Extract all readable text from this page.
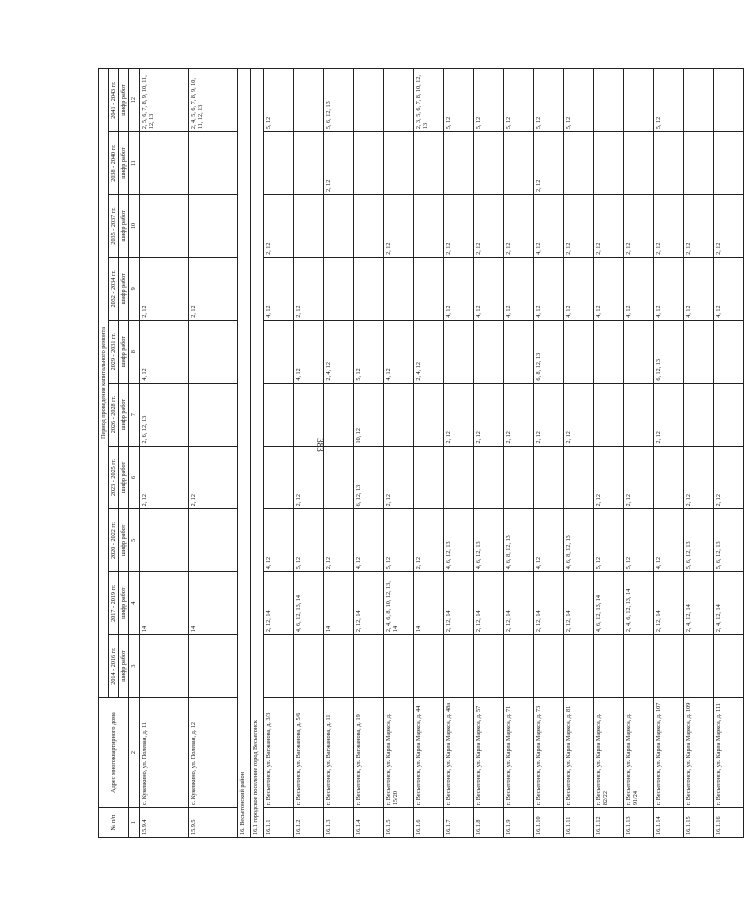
383
№ п/п	Адрес многоквартирного дома	Период проведения капитального ремонта									
		2014 - 2016 гг.	2017 - 2019 гг.	2020 - 2022 гг.	2023 - 2025 гг.	2026 - 2028 гг.	2029 - 2031 гг.	2032 - 2034 гг.	2035 - 2037 гг.	2038 - 2040 гг.	2041 - 2043 гг.
		шифр работ	шифр работ	шифр работ	шифр работ	шифр работ	шифр работ	шифр работ	шифр работ	шифр работ	шифр работ
1	2	3	4	5	6	7	8	9	10	11	12
15.9.4	с. Кукевкино, ул. Полевая, д. 11		14		2, 12	2, 6, 12, 13	4, 12	2, 12			2, 5, 6, 7, 8, 9, 10, 11, 12, 13
15.9.5	с. Кукевкино, ул. Полевая, д. 12		14		2, 12			2, 12			2, 4, 5, 6, 7, 8, 9, 10, 11, 12, 13
16. Весьегонский район											
16.1 городское поселение город Весьегонск											
16.1.1	г. Весьегонск, ул. Вагжанова, д. 3/3		2, 12, 14	4, 12				4, 12	2, 12		5, 12
16.1.2	г. Весьегонск, ул. Вагжанова, д. 5/6		4, 6, 12, 13, 14	5, 12	2, 12		4, 12	2, 12			
16.1.3	г. Весьегонск, ул. Вагжанова, д. 11		14	2, 12			2, 4, 12			2, 12	5, 6, 12, 13
16.1.4	г. Весьегонск, ул. Вагжанова, д. 19		2, 12, 14	4, 12	6, 12, 13	10, 12	5, 12				
16.1.5	г. Весьегонск, ул. Карла Маркса, д. 15/20		2, 4, 6, 8, 10, 12, 13, 14	5, 12	2, 12		4, 12		2, 12		
16.1.6	г. Весьегонск, ул. Карла Маркса, д. 44		14	2, 12			2, 4, 12				2, 3, 5, 6, 7, 8, 10, 12, 13
16.1.7	г. Весьегонск, ул. Карла Маркса, д. 48а		2, 12, 14	4, 6, 12, 13		2, 12		4, 12	2, 12		5, 12
16.1.8	г. Весьегонск, ул. Карла Маркса, д. 57		2, 12, 14	4, 6, 12, 13		2, 12		4, 12	2, 12		5, 12
16.1.9	г. Весьегонск, ул. Карла Маркса, д. 71		2, 12, 14	4, 6, 8, 12, 13		2, 12		4, 12	2, 12		5, 12
16.1.10	г. Весьегонск, ул. Карла Маркса, д. 73		2, 12, 14	4, 12		2, 12	6, 8, 12, 13	4, 12	4, 12	2, 12	5, 12
16.1.11	г. Весьегонск, ул. Карла Маркса, д. 81		2, 12, 14	4, 6, 8, 12, 13		2, 12		4, 12	2, 12		5, 12
16.1.12	г. Весьегонск, ул. Карла Маркса, д. 82/22		4, 6, 12, 13, 14	5, 12	2, 12			4, 12	2, 12		
16.1.13	г. Весьегонск, ул. Карла Маркса, д. 91/24		2, 4, 6, 12, 13, 14	5, 12	2, 12			4, 12	2, 12		
16.1.14	г. Весьегонск, ул. Карла Маркса, д. 107		2, 12, 14	4, 12		2, 12	6, 12, 13	4, 12	2, 12		5, 12
16.1.15	г. Весьегонск, ул. Карла Маркса, д. 109		2, 4, 12, 14	5, 6, 12, 13	2, 12			4, 12	2, 12		
16.1.16	г. Весьегонск, ул. Карла Маркса, д. 111		2, 4, 12, 14	5, 6, 12, 13	2, 12			4, 12	2, 12		
